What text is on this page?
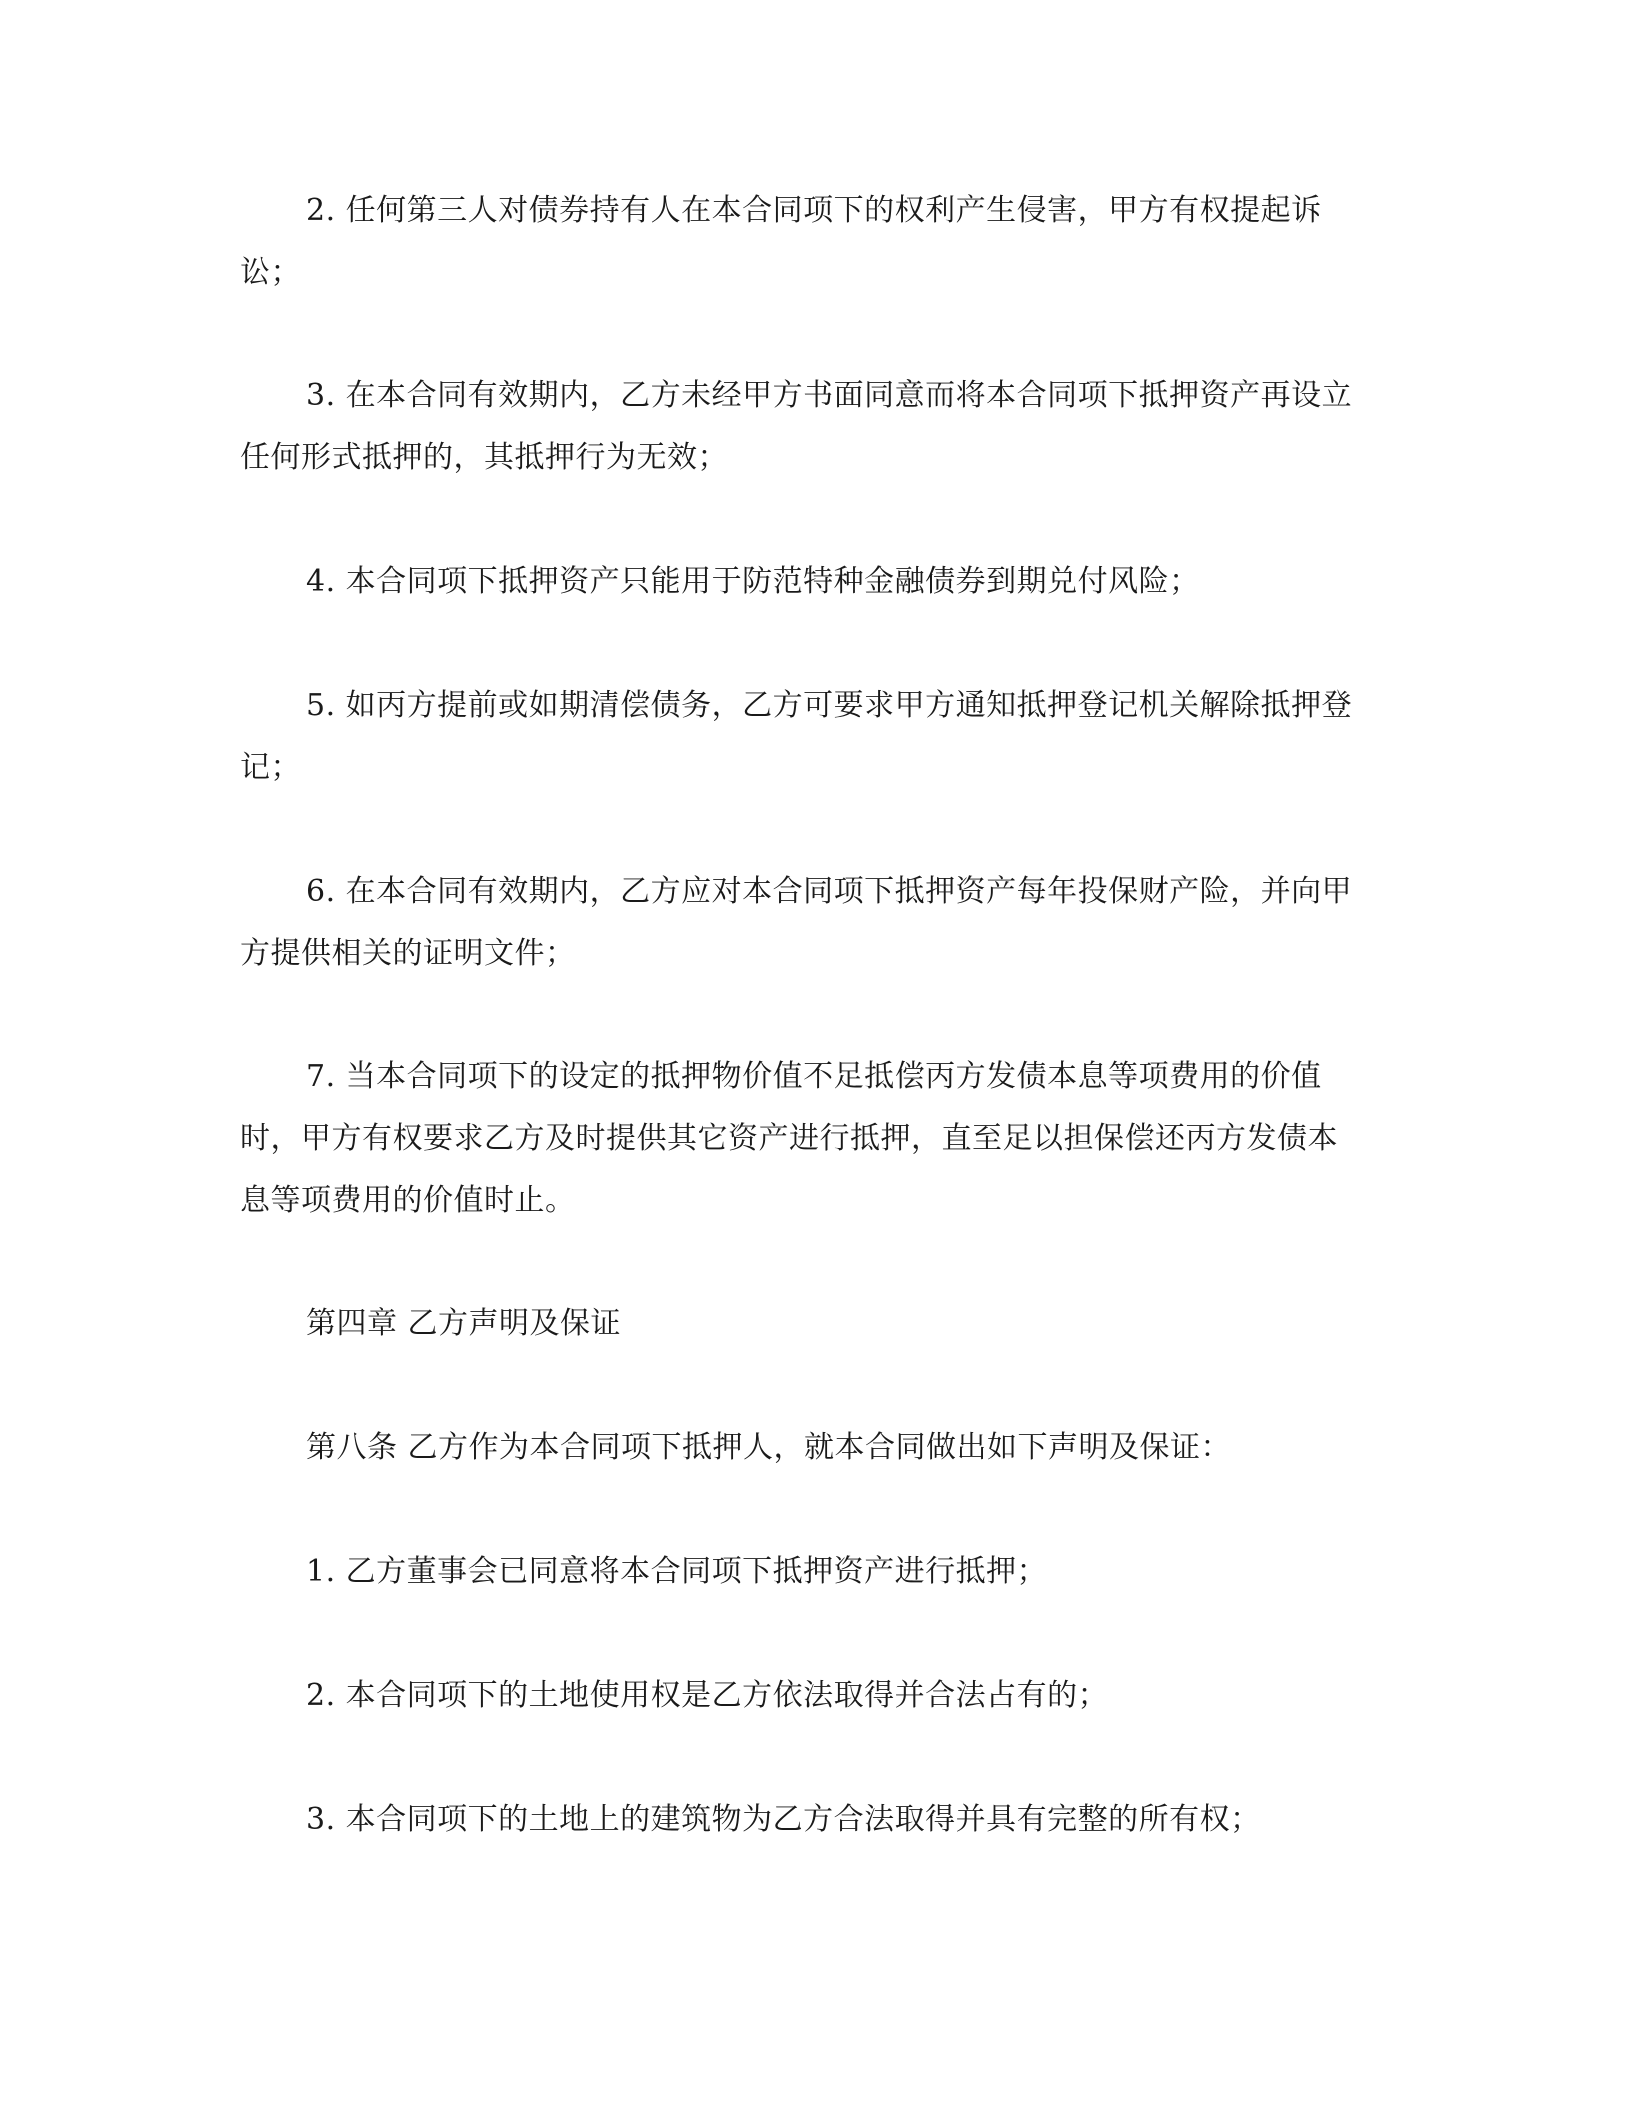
2. 任何第三人对债券持有人在本合同项下的权利产生侵害，甲方有权提起诉
讼；
3. 在本合同有效期内，乙方未经甲方书面同意而将本合同项下抵押资产再设立
任何形式抵押的，其抵押行为无效；
4. 本合同项下抵押资产只能用于防范特种金融债券到期兑付风险；
5. 如丙方提前或如期清偿债务，乙方可要求甲方通知抵押登记机关解除抵押登
记；
6. 在本合同有效期内，乙方应对本合同项下抵押资产每年投保财产险，并向甲
方提供相关的证明文件；
7. 当本合同项下的设定的抵押物价值不足抵偿丙方发债本息等项费用的价值
时，甲方有权要求乙方及时提供其它资产进行抵押，直至足以担保偿还丙方发债本
息等项费用的价值时止。
第四章 乙方声明及保证
第八条 乙方作为本合同项下抵押人，就本合同做出如下声明及保证：
1. 乙方董事会已同意将本合同项下抵押资产进行抵押；
2. 本合同项下的土地使用权是乙方依法取得并合法占有的；
3. 本合同项下的土地上的建筑物为乙方合法取得并具有完整的所有权；
